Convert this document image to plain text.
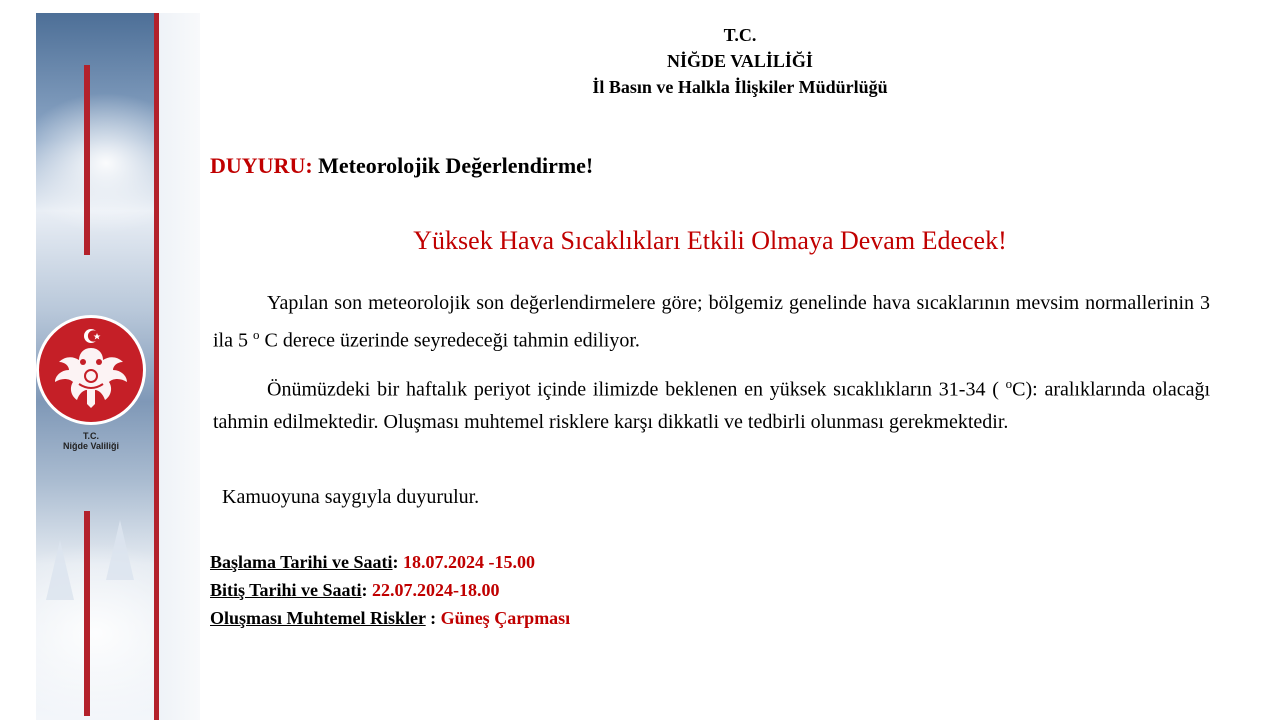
T.C.
Niğde Valiliği
T.C.
NİĞDE VALİLİĞİ
İl Basın ve Halkla İlişkiler Müdürlüğü
DUYURU: Meteorolojik Değerlendirme!
Yüksek Hava Sıcaklıkları Etkili Olmaya Devam Edecek!
Yapılan son meteorolojik son değerlendirmelere göre; bölgemiz genelinde hava sıcaklarının mevsim normallerinin 3 ila 5 $^o$ C derece üzerinde seyredeceği tahmin ediliyor.
Önümüzdeki bir haftalık periyot içinde ilimizde beklenen en yüksek sıcaklıkların 31-34 ( $^o$C): aralıklarında olacağı tahmin edilmektedir. Oluşması muhtemel risklere karşı dikkatli ve tedbirli olunması gerekmektedir.
Kamuoyuna saygıyla duyurulur.
Başlama Tarihi ve Saati: 18.07.2024 -15.00
Bitiş Tarihi ve Saati: 22.07.2024-18.00
Oluşması Muhtemel Riskler : Güneş Çarpması
